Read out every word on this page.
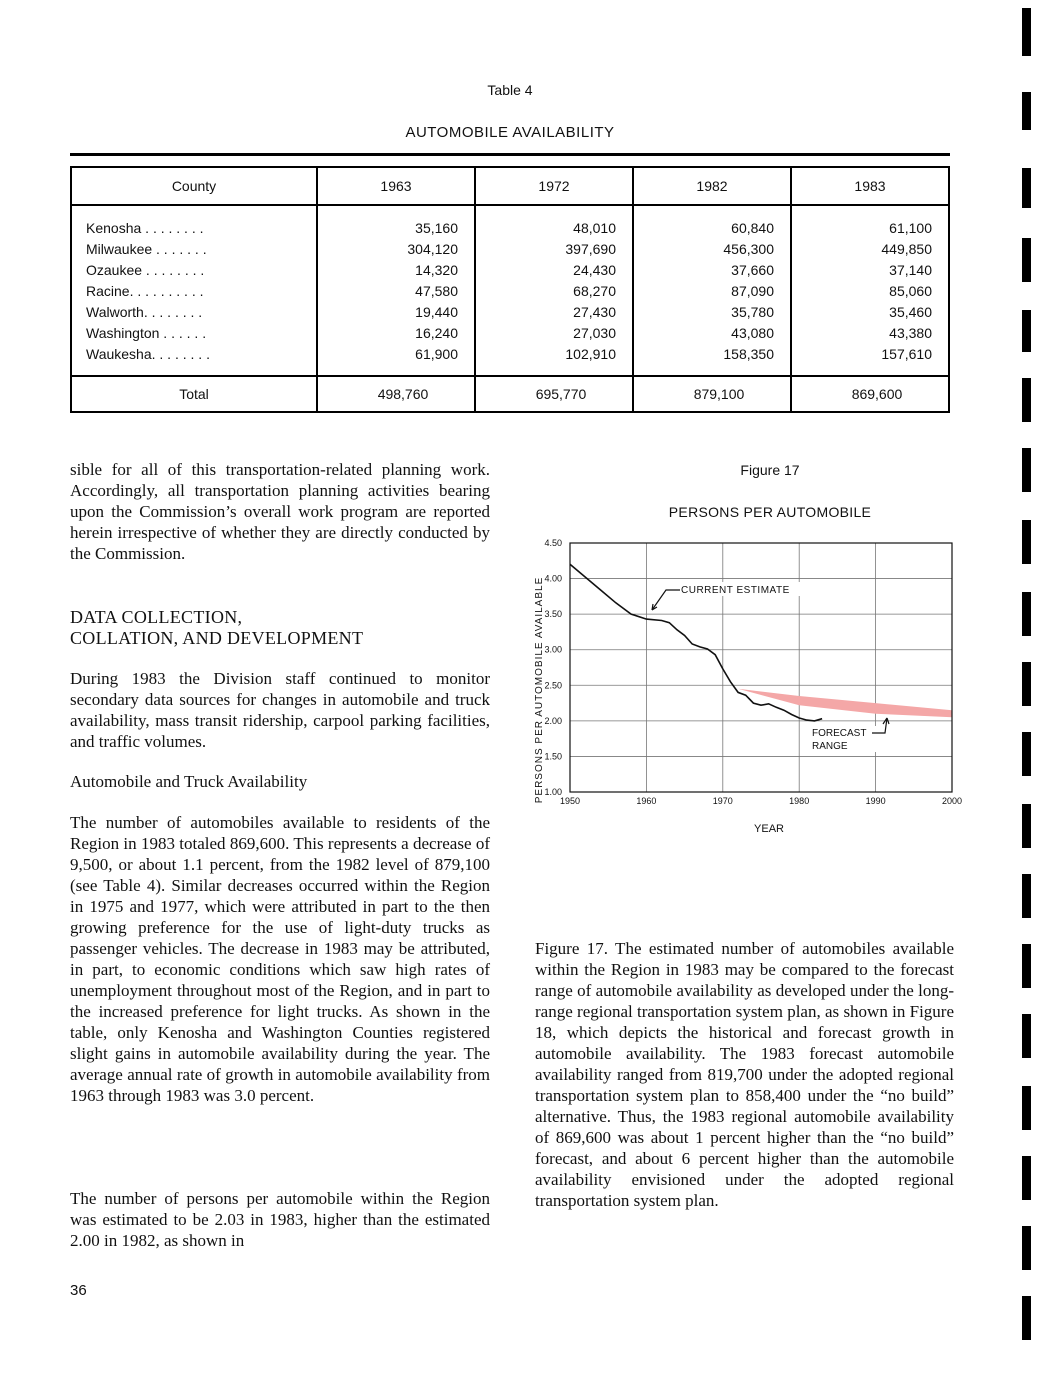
Table 4
AUTOMOBILE AVAILABILITY
County	1963	1972	1982	1983
Kenosha . . . . . . . .	35,160	48,010	60,840	61,100
Milwaukee . . . . . . .	304,120	397,690	456,300	449,850
Ozaukee . . . . . . . .	14,320	24,430	37,660	37,140
Racine. . . . . . . . . .	47,580	68,270	87,090	85,060
Walworth. . . . . . . .	19,440	27,430	35,780	35,460
Washington . . . . . .	16,240	27,030	43,080	43,380
Waukesha. . . . . . . .	61,900	102,910	158,350	157,610
Total	498,760	695,770	879,100	869,600
sible for all of this transportation-related planning work. Accordingly, all transportation planning activities bearing upon the Commission’s overall work program are reported herein irrespective of whether they are directly conducted by the Commission.
DATA COLLECTION,
COLLATION, AND DEVELOPMENT
During 1983 the Division staff continued to monitor secondary data sources for changes in automobile and truck availability, mass transit ridership, carpool parking facilities, and traffic volumes.
Automobile and Truck Availability
The number of automobiles available to residents of the Region in 1983 totaled 869,600. This represents a decrease of 9,500, or about 1.1 percent, from the 1982 level of 879,100 (see Table 4). Similar decreases occurred within the Region in 1975 and 1977, which were attributed in part to the then growing preference for the use of light-duty trucks as passenger vehicles. The decrease in 1983 may be attributed, in part, to economic conditions which saw high rates of unemployment throughout most of the Region, and in part to the increased preference for light trucks. As shown in the table, only Kenosha and Washington Counties registered slight gains in automobile availability during the year. The average annual rate of growth in automobile availability from 1963 through 1983 was 3.0 percent.
The number of persons per automobile within the Region was estimated to be 2.03 in 1983, higher than the estimated 2.00 in 1982, as shown in
Figure 17
PERSONS PER AUTOMOBILE
4.50
4.00
3.50
3.00
2.50
2.00
1.50
1.00
1950	1960	1970	1980	1990	2000
PERSONS PER AUTOMOBILE AVAILABLE
YEAR
CURRENT ESTIMATE
FORECAST
RANGE
Figure 17. The estimated number of automobiles available within the Region in 1983 may be compared to the forecast range of automobile availability as developed under the long-range regional transportation system plan, as shown in Figure 18, which depicts the historical and forecast growth in automobile availability. The 1983 forecast automobile availability ranged from 819,700 under the adopted regional transportation system plan to 858,400 under the “no build” alternative. Thus, the 1983 regional automobile availability of 869,600 was about 1 percent higher than the “no build” forecast, and about 6 percent higher than the automobile availability envisioned under the adopted regional transportation system plan.
36
